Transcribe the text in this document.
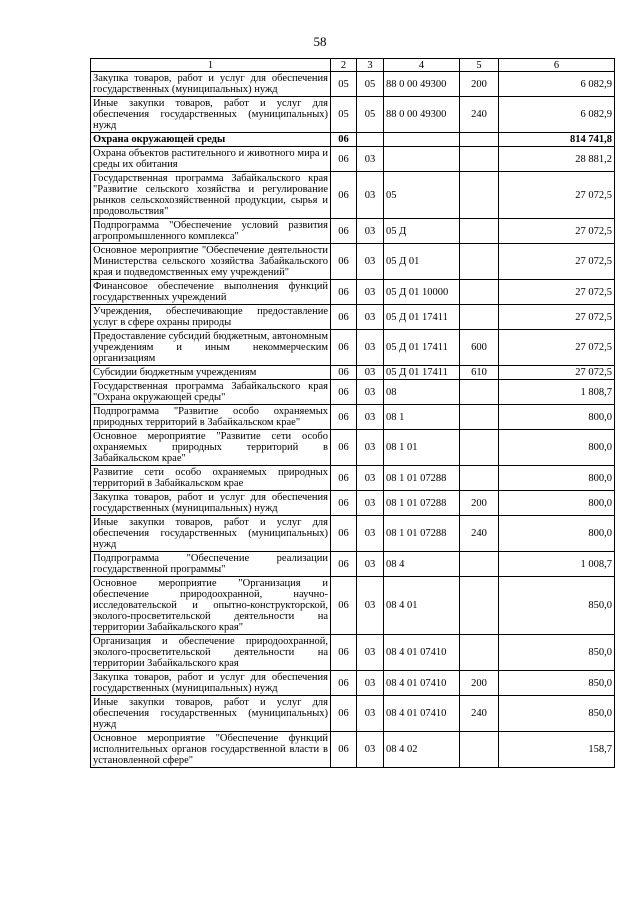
58
1	2	3	4	5	6
Закупка товаров, работ и услуг для обеспечения государственных (муниципальных) нужд	05	05	88 0 00 49300	200	6 082,9
Иные закупки товаров, работ и услуг для обеспечения государственных (муниципальных) нужд	05	05	88 0 00 49300	240	6 082,9
Охрана окружающей среды	06				814 741,8
Охрана объектов растительного и животного мира и среды их обитания	06	03			28 881,2
Государственная программа Забайкальского края "Развитие сельского хозяйства и регулирование рынков сельскохозяйственной продукции, сырья и продовольствия"	06	03	05		27 072,5
Подпрограмма "Обеспечение условий развития агропромышленного комплекса"	06	03	05 Д		27 072,5
Основное мероприятие "Обеспечение деятельности Министерства сельского хозяйства Забайкальского края и подведомственных ему учреждений"	06	03	05 Д 01		27 072,5
Финансовое обеспечение выполнения функций государственных учреждений	06	03	05 Д 01 10000		27 072,5
Учреждения, обеспечивающие предоставление услуг в сфере охраны природы	06	03	05 Д 01 17411		27 072,5
Предоставление субсидий бюджетным, автономным учреждениям и иным некоммерческим организациям	06	03	05 Д 01 17411	600	27 072,5
Субсидии бюджетным учреждениям	06	03	05 Д 01 17411	610	27 072,5
Государственная программа Забайкальского края "Охрана окружающей среды"	06	03	08		1 808,7
Подпрограмма "Развитие особо охраняемых природных территорий в Забайкальском крае"	06	03	08 1		800,0
Основное мероприятие "Развитие сети особо охраняемых природных территорий в Забайкальском крае"	06	03	08 1 01		800,0
Развитие сети особо охраняемых природных территорий в Забайкальском крае	06	03	08 1 01 07288		800,0
Закупка товаров, работ и услуг для обеспечения государственных (муниципальных) нужд	06	03	08 1 01 07288	200	800,0
Иные закупки товаров, работ и услуг для обеспечения государственных (муниципальных) нужд	06	03	08 1 01 07288	240	800,0
Подпрограмма "Обеспечение реализации государственной программы"	06	03	08 4		1 008,7
Основное мероприятие "Организация и обеспечение природоохранной, научно-исследовательской и опытно-конструкторской, эколого-просветительской деятельности на территории Забайкальского края"	06	03	08 4 01		850,0
Организация и обеспечение природоохранной, эколого-просветительской деятельности на территории Забайкальского края	06	03	08 4 01 07410		850,0
Закупка товаров, работ и услуг для обеспечения государственных (муниципальных) нужд	06	03	08 4 01 07410	200	850,0
Иные закупки товаров, работ и услуг для обеспечения государственных (муниципальных) нужд	06	03	08 4 01 07410	240	850,0
Основное мероприятие "Обеспечение функций исполнительных органов государственной власти в установленной сфере"	06	03	08 4 02		158,7
